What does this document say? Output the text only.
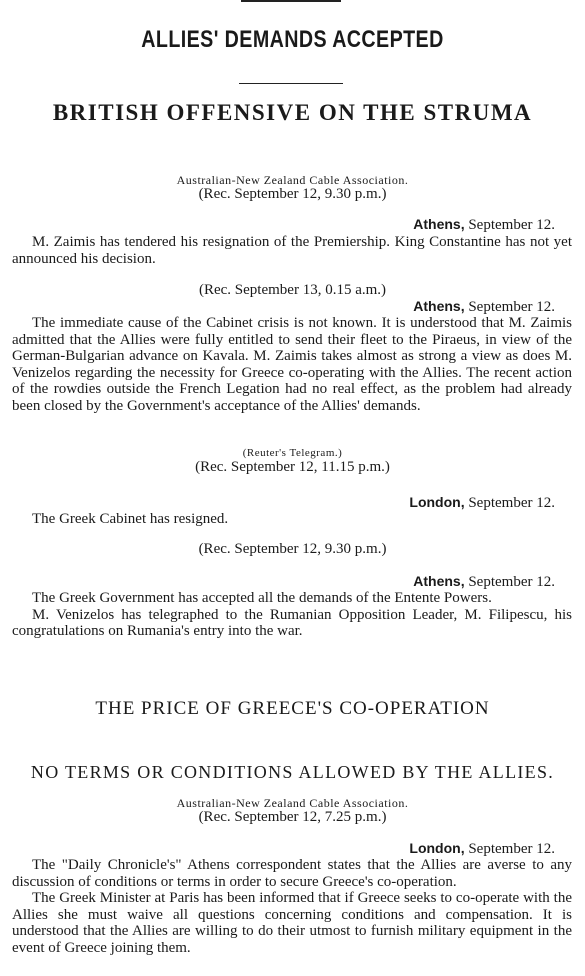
ALLIES' DEMANDS ACCEPTED
BRITISH OFFENSIVE ON THE STRUMA
Australian-New Zealand Cable Association.
(Rec. September 12, 9.30 p.m.)
Athens, September 12.

M. Zaimis has tendered his resignation of the Premiership. King Constantine has not yet announced his decision.

(Rec. September 13, 0.15 a.m.)
Athens, September 12.

The immediate cause of the Cabinet crisis is not known. It is understood that M. Zaimis admitted that the Allies were fully entitled to send their fleet to the Piraeus, in view of the German-Bulgarian advance on Kavala. M. Zaimis takes almost as strong a view as does M. Venizelos regarding the necessity for Greece co-operating with the Allies. The recent action of the rowdies outside the French Legation had no real effect, as the problem had already been closed by the Government's acceptance of the Allies' demands.

(Reuter's Telegram.)
(Rec. September 12, 11.15 p.m.)
London, September 12.

The Greek Cabinet has resigned.

(Rec. September 12, 9.30 p.m.)
Athens, September 12.

The Greek Government has accepted all the demands of the Entente Powers.

M. Venizelos has telegraphed to the Rumanian Opposition Leader, M. Filipescu, his congratulations on Rumania's entry into the war.

THE PRICE OF GREECE'S CO-OPERATION
NO TERMS OR CONDITIONS ALLOWED BY THE ALLIES.
Australian-New Zealand Cable Association.
(Rec. September 12, 7.25 p.m.)
London, September 12.

The "Daily Chronicle's" Athens correspondent states that the Allies are averse to any discussion of conditions or terms in order to secure Greece's co-operation.

The Greek Minister at Paris has been informed that if Greece seeks to co-operate with the Allies she must waive all questions concerning conditions and compensation. It is understood that the Allies are willing to do their utmost to furnish military equipment in the event of Greece joining them.
